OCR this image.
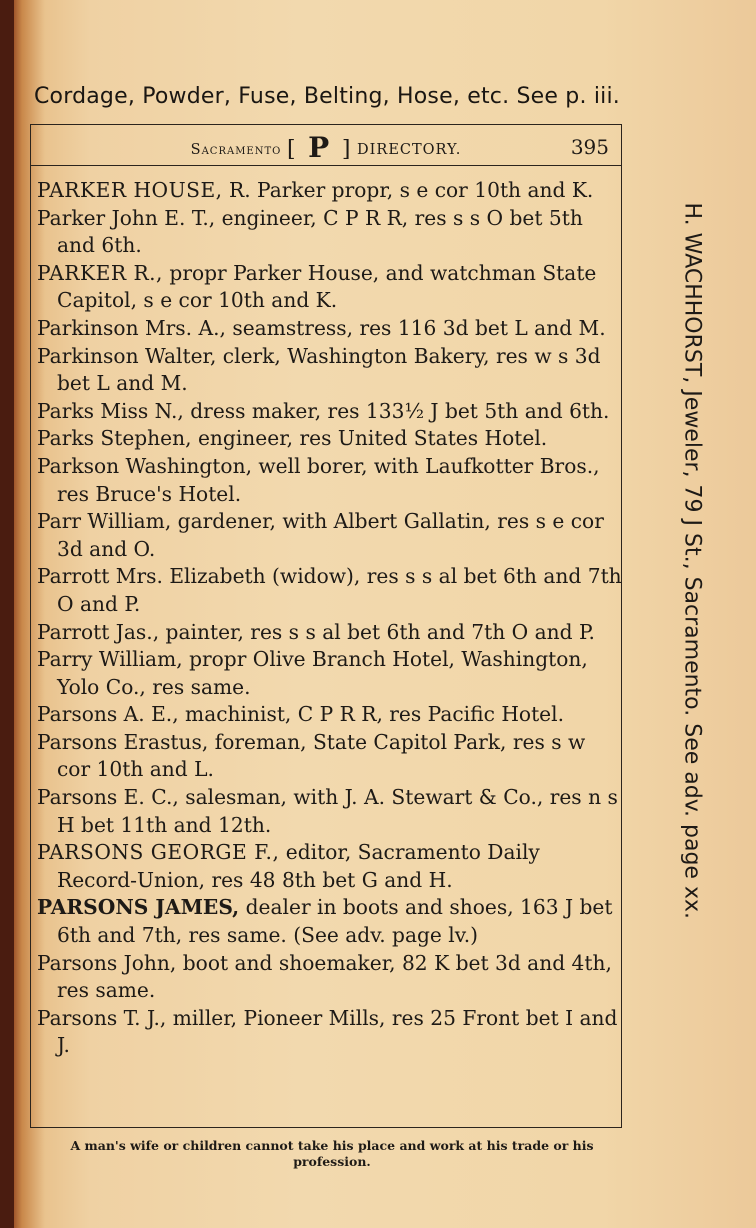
Cordage, Powder, Fuse, Belting, Hose, etc. See p. iii.
Sacramento [ P ] DIRECTORY.	395

PARKER HOUSE, R. Parker propr, s e cor 10th and K.

Parker John E. T., engineer, C P R R, res s s O bet 5th and 6th.

PARKER R., propr Parker House, and watchman State Capitol, s e cor 10th and K.

Parkinson Mrs. A., seamstress, res 116 3d bet L and M.

Parkinson Walter, clerk, Washington Bakery, res w s 3d bet L and M.

Parks Miss N., dress maker, res 133½ J bet 5th and 6th.

Parks Stephen, engineer, res United States Hotel.

Parkson Washington, well borer, with Laufkotter Bros., res Bruce's Hotel.

Parr William, gardener, with Albert Gallatin, res s e cor 3d and O.

Parrott Mrs. Elizabeth (widow), res s s al bet 6th and 7th O and P.

Parrott Jas., painter, res s s al bet 6th and 7th O and P.

Parry William, propr Olive Branch Hotel, Washington, Yolo Co., res same.

Parsons A. E., machinist, C P R R, res Pacific Hotel.

Parsons Erastus, foreman, State Capitol Park, res s w cor 10th and L.

Parsons E. C., salesman, with J. A. Stewart & Co., res n s H bet 11th and 12th.

PARSONS GEORGE F., editor, Sacramento Daily Record-Union, res 48 8th bet G and H.

PARSONS JAMES, dealer in boots and shoes, 163 J bet 6th and 7th, res same. (See adv. page lv.)

Parsons John, boot and shoemaker, 82 K bet 3d and 4th, res same.

Parsons T. J., miller, Pioneer Mills, res 25 Front bet I and J.

H. WACHHORST, Jeweler, 79 J St., Sacramento. See adv. page xx.
A man's wife or children cannot take his place and work at his trade or his profession.
